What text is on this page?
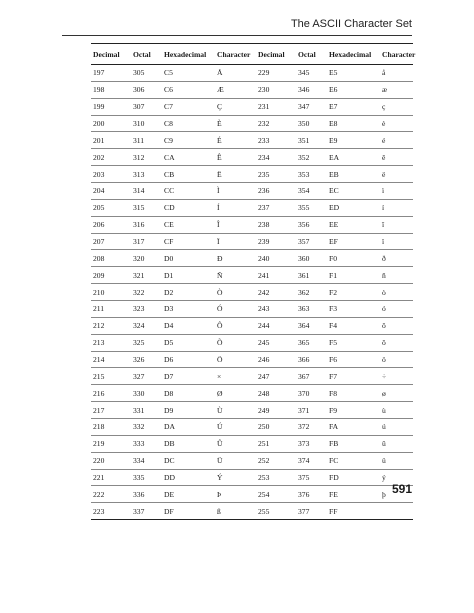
The ASCII Character Set
Decimal	Octal	Hexadecimal	Character	Decimal	Octal	Hexadecimal	Character
197	305	C5	Å	229	345	E5	å
198	306	C6	Æ	230	346	E6	æ
199	307	C7	Ç	231	347	E7	ç
200	310	C8	È	232	350	E8	è
201	311	C9	É	233	351	E9	é
202	312	CA	Ê	234	352	EA	ê
203	313	CB	Ë	235	353	EB	ë
204	314	CC	Ì	236	354	EC	ì
205	315	CD	Í	237	355	ED	í
206	316	CE	Î	238	356	EE	î
207	317	CF	Ï	239	357	EF	ï
208	320	D0	Đ	240	360	F0	ð
209	321	D1	Ñ	241	361	F1	ñ
210	322	D2	Ò	242	362	F2	ò
211	323	D3	Ó	243	363	F3	ó
212	324	D4	Ô	244	364	F4	ô
213	325	D5	Õ	245	365	F5	õ
214	326	D6	Ö	246	366	F6	ö
215	327	D7	×	247	367	F7	÷
216	330	D8	Ø	248	370	F8	ø
217	331	D9	Ù	249	371	F9	ù
218	332	DA	Ú	250	372	FA	ú
219	333	DB	Û	251	373	FB	û
220	334	DC	Ü	252	374	FC	ü
221	335	DD	Ý	253	375	FD	ý
222	336	DE	Þ	254	376	FE	þ
223	337	DF	ß	255	377	FF	
591
